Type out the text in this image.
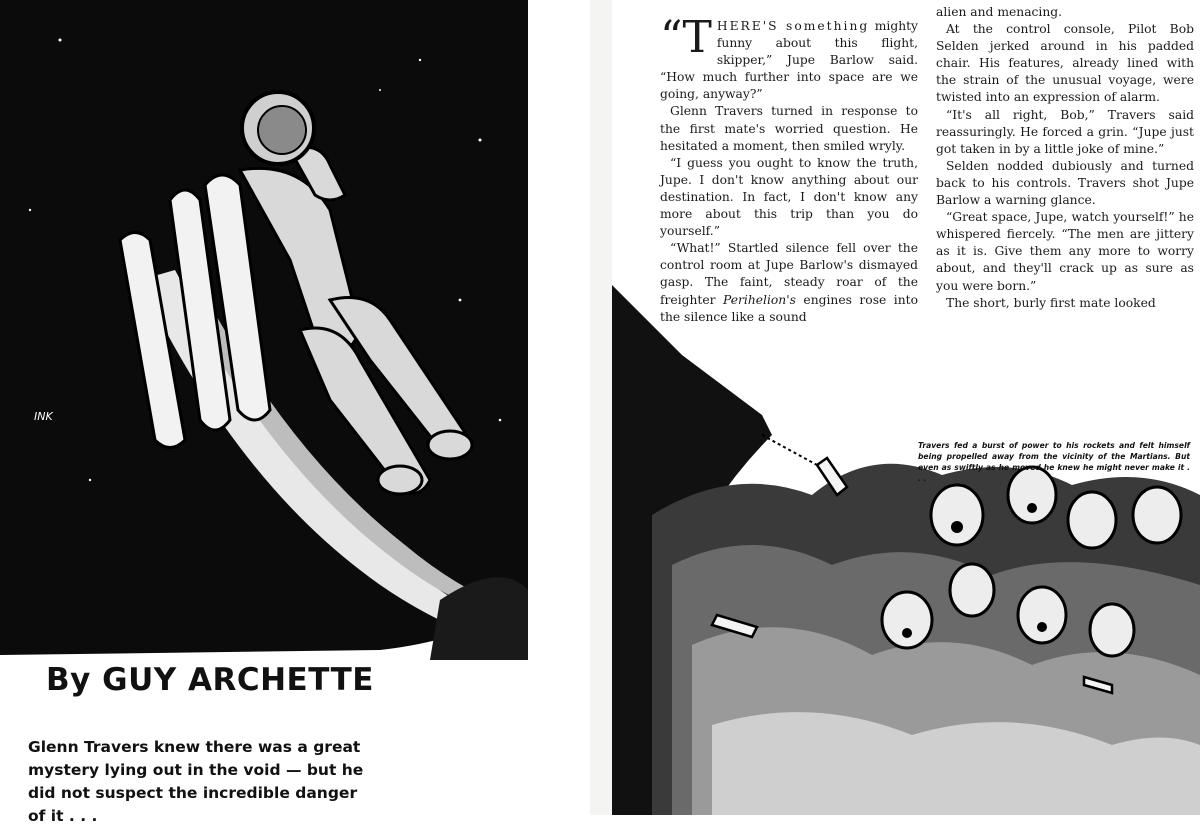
INK
By GUY ARCHETTE
Glenn Travers knew there was a great mystery lying out in the void — but he did not suspect the incredible danger of it . . .

“THERE'S something mighty funny about this flight, skipper,” Jupe Barlow said. “How much further into space are we going, anyway?”

Glenn Travers turned in response to the first mate's worried question. He hesitated a moment, then smiled wryly.

“I guess you ought to know the truth, Jupe. I don't know anything about our destination. In fact, I don't know any more about this trip than you do yourself.”

“What!” Startled silence fell over the control room at Jupe Barlow's dismayed gasp. The faint, steady roar of the freighter Perihelion's engines rose into the silence like a sound

alien and menacing.

At the control console, Pilot Bob Selden jerked around in his padded chair. His features, already lined with the strain of the unusual voyage, were twisted into an expression of alarm.

“It's all right, Bob,” Travers said reassuringly. He forced a grin. “Jupe just got taken in by a little joke of mine.”

Selden nodded dubiously and turned back to his controls. Travers shot Jupe Barlow a warning glance.

“Great space, Jupe, watch yourself!” he whispered fiercely. “The men are jittery as it is. Give them any more to worry about, and they'll crack up as sure as you were born.”

The short, burly first mate looked

Travers fed a burst of power to his rockets and felt himself being propelled away from the vicinity of the Martians. But even as swiftly as he moved he knew he might never make it . . .
